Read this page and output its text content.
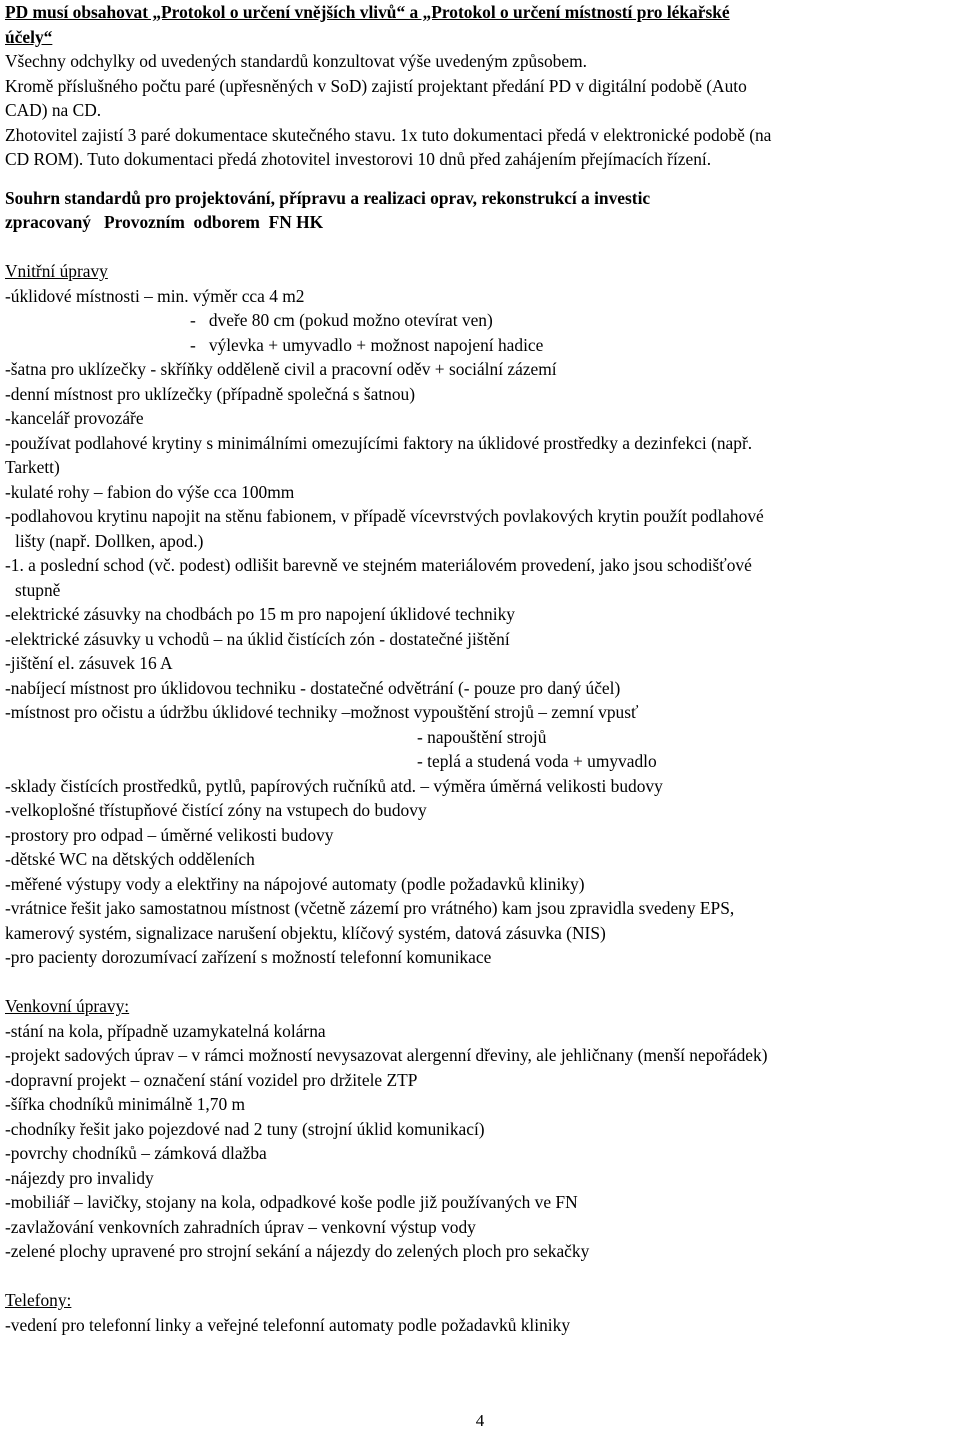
PD musí obsahovat „Protokol o určení vnějších vlivů“ a „Protokol o určení místností pro lékařské
účely“
Všechny odchylky od uvedených standardů konzultovat výše uvedeným způsobem.
Kromě příslušného počtu paré (upřesněných v SoD) zajistí projektant předání PD v digitální podobě (Auto
CAD) na CD.
Zhotovitel zajistí 3 paré dokumentace skutečného stavu. 1x tuto dokumentaci předá v elektronické podobě (na
CD ROM). Tuto dokumentaci předá zhotovitel investorovi 10 dnů před zahájením přejímacích řízení.
Souhrn standardů pro projektování, přípravu a realizaci oprav, rekonstrukcí a investic
zpracovaný   Provozním  odborem  FN HK
Vnitřní úpravy
-úklidové místnosti – min. výměr cca 4 m2
-   dveře 80 cm (pokud možno otevírat ven)
-   výlevka + umyvadlo + možnost napojení hadice
-šatna pro uklízečky - skříňky odděleně civil a pracovní oděv + sociální zázemí
-denní místnost pro uklízečky (případně společná s šatnou)
-kancelář provozáře
-používat podlahové krytiny s minimálními omezujícími faktory na úklidové prostředky a dezinfekci (např.
Tarkett)
-kulaté rohy – fabion do výše cca 100mm
-podlahovou krytinu napojit na stěnu fabionem, v případě vícevrstvých povlakových krytin použít podlahové
lišty (např. Dollken, apod.)
-1. a poslední schod (vč. podest) odlišit barevně ve stejném materiálovém provedení, jako jsou schodišťové
stupně
-elektrické zásuvky na chodbách po 15 m pro napojení úklidové techniky
-elektrické zásuvky u vchodů – na úklid čistících zón - dostatečné jištění
-jištění el. zásuvek 16 A
-nabíjecí místnost pro úklidovou techniku - dostatečné odvětrání (- pouze pro daný účel)
-místnost pro očistu a údržbu úklidové techniky –možnost vypouštění strojů – zemní vpusť
- napouštění strojů
- teplá a studená voda + umyvadlo
-sklady čistících prostředků, pytlů, papírových ručníků atd. – výměra úměrná velikosti budovy
-velkoplošné třístupňové čistící zóny na vstupech do budovy
-prostory pro odpad – úměrné velikosti budovy
-dětské WC na dětských odděleních
-měřené výstupy vody a elektřiny na nápojové automaty (podle požadavků kliniky)
-vrátnice řešit jako samostatnou místnost (včetně zázemí pro vrátného) kam jsou zpravidla svedeny EPS,
kamerový systém, signalizace narušení objektu, klíčový systém, datová zásuvka (NIS)
-pro pacienty dorozumívací zařízení s možností telefonní komunikace
Venkovní úpravy:
-stání na kola, případně uzamykatelná kolárna
-projekt sadových úprav – v rámci možností nevysazovat alergenní dřeviny, ale jehličnany (menší nepořádek)
-dopravní projekt – označení stání vozidel pro držitele ZTP
-šířka chodníků minimálně 1,70 m
-chodníky řešit jako pojezdové nad 2 tuny (strojní úklid komunikací)
-povrchy chodníků – zámková dlažba
-nájezdy pro invalidy
-mobiliář – lavičky, stojany na kola, odpadkové koše podle již používaných ve FN
-zavlažování venkovních zahradních úprav – venkovní výstup vody
-zelené plochy upravené pro strojní sekání a nájezdy do zelených ploch pro sekačky
Telefony:
-vedení pro telefonní linky a veřejné telefonní automaty podle požadavků kliniky
4
